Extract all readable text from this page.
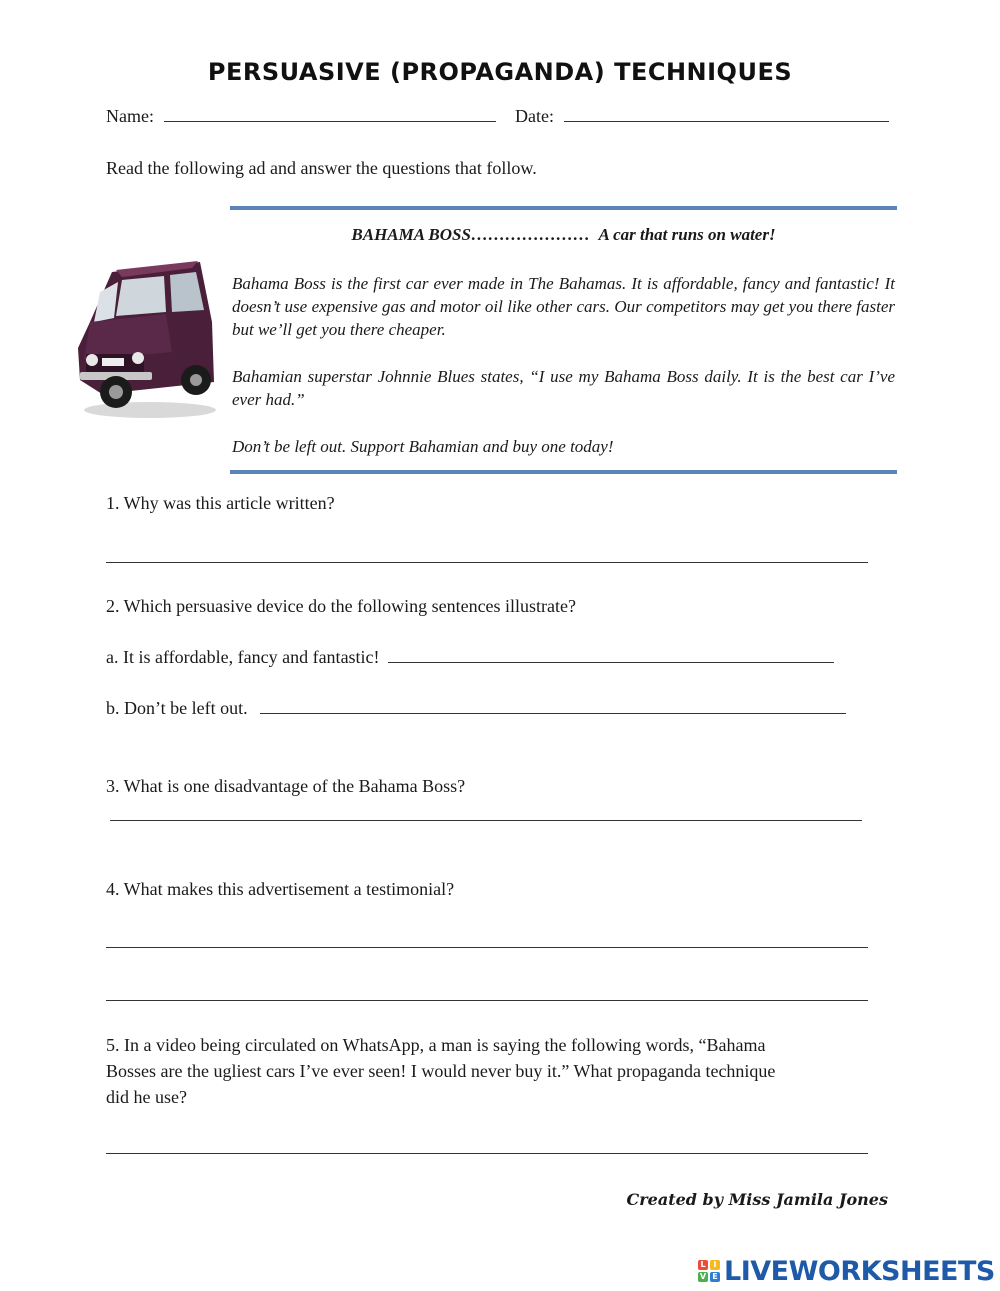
PERSUASIVE (PROPAGANDA) TECHNIQUES
Name:	Date:
Read the following ad and answer the questions that follow.
BAHAMA BOSS………………… A car that runs on water!
Bahama Boss is the first car ever made in The Bahamas. It is affordable, fancy and fantastic! It doesn’t use expensive gas and motor oil like other cars. Our competitors may get you there faster but we’ll get you there cheaper.
Bahamian superstar Johnnie Blues states, “I use my Bahama Boss daily. It is the best car I’ve ever had.”
Don’t be left out. Support Bahamian and buy one today!
1. Why was this article written?
2. Which persuasive device do the following sentences illustrate?
a. It is affordable, fancy and fantastic!
b. Don’t be left out.
3. What is one disadvantage of the Bahama Boss?
4. What makes this advertisement a testimonial?
5. In a video being circulated on WhatsApp, a man is saying the following words, “Bahama
Bosses are the ugliest cars I’ve ever seen! I would never buy it.” What propaganda technique
did he use?
Created by Miss Jamila Jones
L I
V E LIVEWORKSHEETS
